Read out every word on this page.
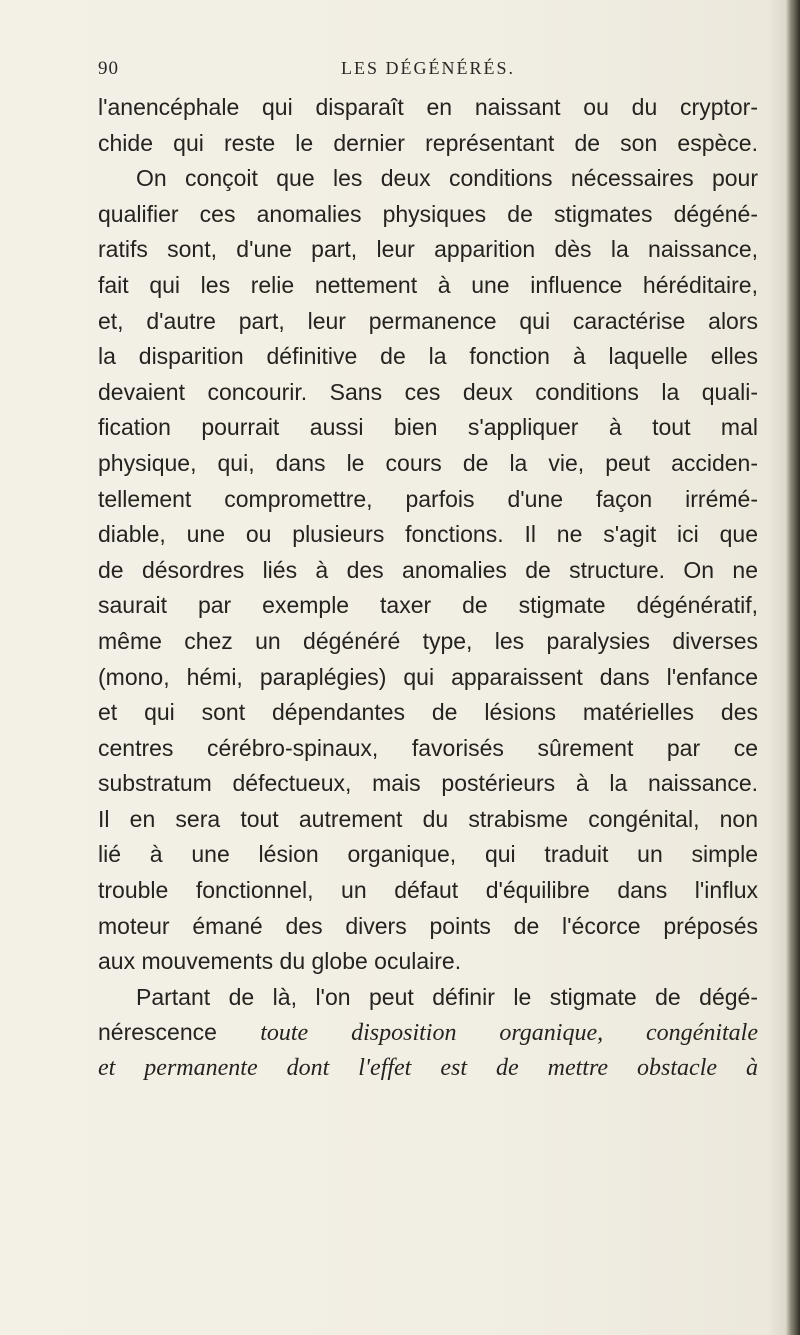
90	LES DÉGÉNÉRÉS.
l'anencéphale qui disparaît en naissant ou du cryptor-
chide qui reste le dernier représentant de son espèce.
On conçoit que les deux conditions nécessaires pour
qualifier ces anomalies physiques de stigmates dégéné-
ratifs sont, d'une part, leur apparition dès la naissance,
fait qui les relie nettement à une influence héréditaire,
et, d'autre part, leur permanence qui caractérise alors
la disparition définitive de la fonction à laquelle elles
devaient concourir. Sans ces deux conditions la quali-
fication pourrait aussi bien s'appliquer à tout mal
physique, qui, dans le cours de la vie, peut acciden-
tellement compromettre, parfois d'une façon irrémé-
diable, une ou plusieurs fonctions. Il ne s'agit ici que
de désordres liés à des anomalies de structure. On ne
saurait par exemple taxer de stigmate dégénératif,
même chez un dégénéré type, les paralysies diverses
(mono, hémi, paraplégies) qui apparaissent dans l'enfance
et qui sont dépendantes de lésions matérielles des
centres cérébro-spinaux, favorisés sûrement par ce
substratum défectueux, mais postérieurs à la naissance.
Il en sera tout autrement du strabisme congénital, non
lié à une lésion organique, qui traduit un simple
trouble fonctionnel, un défaut d'équilibre dans l'influx
moteur émané des divers points de l'écorce préposés
aux mouvements du globe oculaire.
Partant de là, l'on peut définir le stigmate de dégé-
nérescence toute disposition organique, congénitale
et permanente dont l'effet est de mettre obstacle à
